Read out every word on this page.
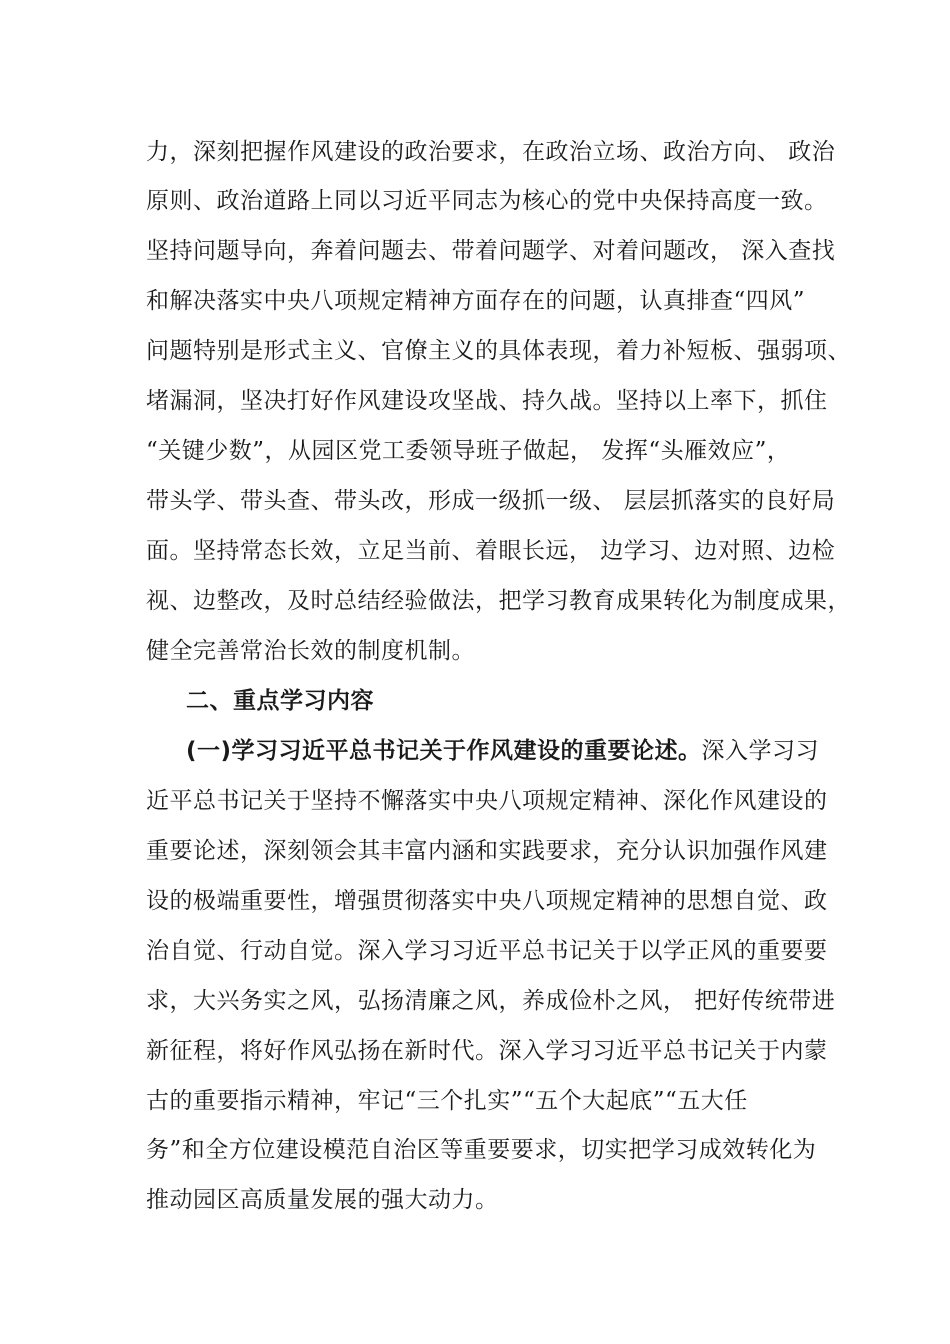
力，深刻把握作风建设的政治要求，在政治立场、政治方向、 政治

原则、政治道路上同以习近平同志为核心的党中央保持高度一致。

坚持问题导向，奔着问题去、带着问题学、对着问题改， 深入查找

和解决落实中央八项规定精神方面存在的问题，认真排查“四风”

问题特别是形式主义、官僚主义的具体表现，着力补短板、强弱项、

堵漏洞，坚决打好作风建设攻坚战、持久战。坚持以上率下，抓住

“关键少数”，从园区党工委领导班子做起， 发挥“头雁效应”，

带头学、带头查、带头改，形成一级抓一级、 层层抓落实的良好局

面。坚持常态长效，立足当前、着眼长远， 边学习、边对照、边检

视、边整改，及时总结经验做法，把学习教育成果转化为制度成果，

健全完善常治长效的制度机制。

二、重点学习内容

(一)学习习近平总书记关于作风建设的重要论述。深入学习习

近平总书记关于坚持不懈落实中央八项规定精神、深化作风建设的

重要论述，深刻领会其丰富内涵和实践要求，充分认识加强作风建

设的极端重要性，增强贯彻落实中央八项规定精神的思想自觉、政

治自觉、行动自觉。深入学习习近平总书记关于以学正风的重要要

求，大兴务实之风，弘扬清廉之风，养成俭朴之风， 把好传统带进

新征程，将好作风弘扬在新时代。深入学习习近平总书记关于内蒙

古的重要指示精神，牢记“三个扎实”“五个大起底”“五大任

务”和全方位建设模范自治区等重要要求，切实把学习成效转化为

推动园区高质量发展的强大动力。
